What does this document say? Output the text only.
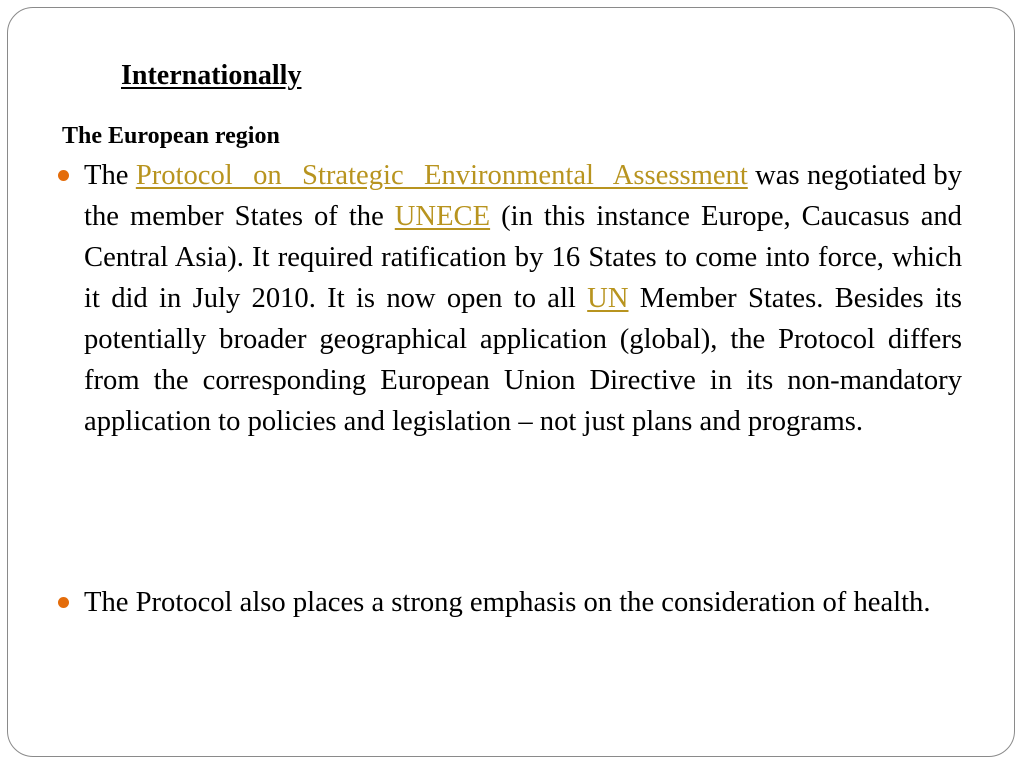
Internationally
The European region

The Protocol on Strategic Environmental Assessment was negotiated by the member States of the UNECE (in this instance Europe, Caucasus and Central Asia). It required ratification by 16 States to come into force, which it did in July 2010. It is now open to all UN Member States. Besides its potentially broader geographical application (global), the Protocol differs from the corresponding European Union Directive in its non-mandatory application to policies and legislation – not just plans and programs.

The Protocol also places a strong emphasis on the consideration of health.
